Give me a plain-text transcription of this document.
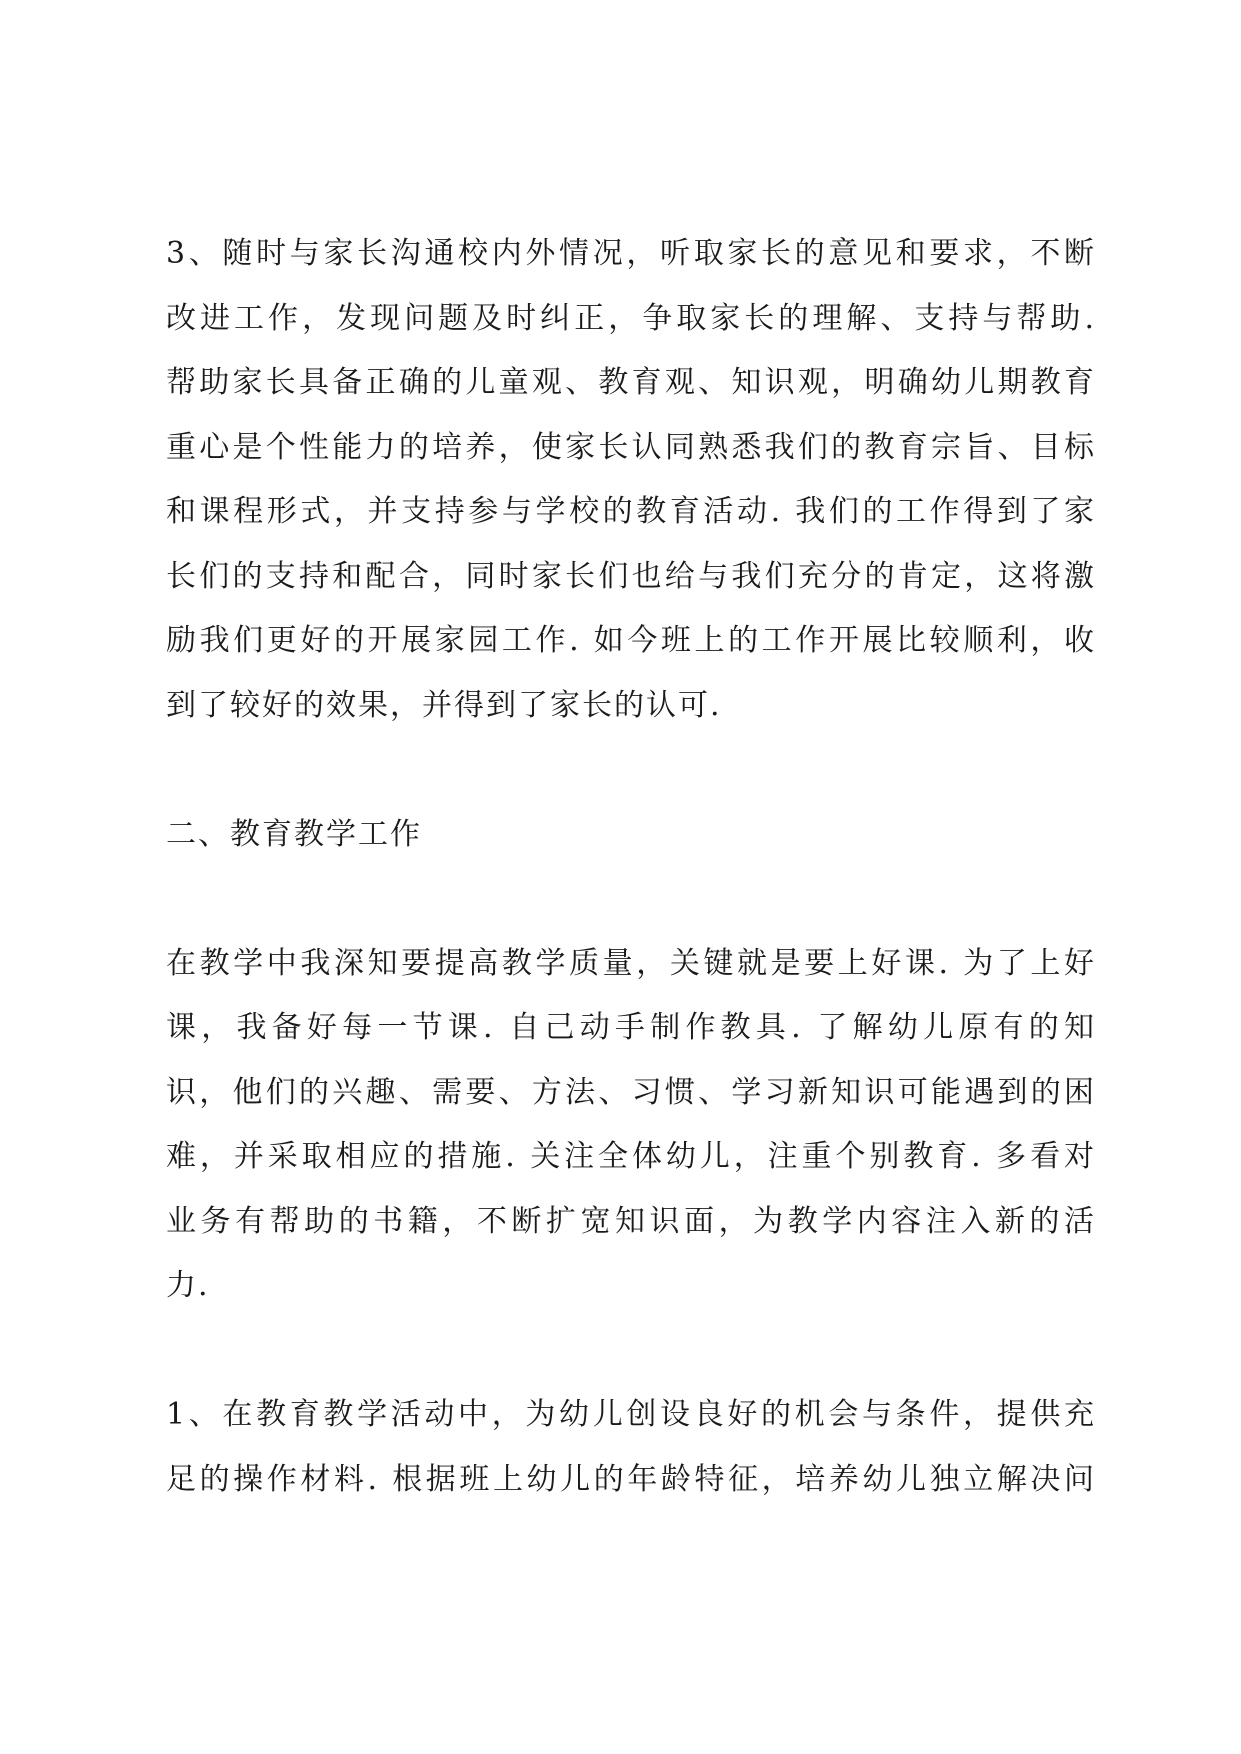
3、随时与家长沟通校内外情况，听取家长的意见和要求，不断
改进工作，发现问题及时纠正，争取家长的理解、支持与帮助.
帮助家长具备正确的儿童观、教育观、知识观，明确幼儿期教育
重心是个性能力的培养，使家长认同熟悉我们的教育宗旨、目标
和课程形式，并支持参与学校的教育活动. 我们的工作得到了家
长们的支持和配合，同时家长们也给与我们充分的肯定，这将激
励我们更好的开展家园工作. 如今班上的工作开展比较顺利，收
到了较好的效果，并得到了家长的认可.
二、教育教学工作
在教学中我深知要提高教学质量，关键就是要上好课. 为了上好
课，我备好每一节课. 自己动手制作教具. 了解幼儿原有的知
识，他们的兴趣、需要、方法、习惯、学习新知识可能遇到的困
难，并采取相应的措施. 关注全体幼儿，注重个别教育. 多看对
业务有帮助的书籍，不断扩宽知识面，为教学内容注入新的活
力.
1、在教育教学活动中，为幼儿创设良好的机会与条件，提供充
足的操作材料. 根据班上幼儿的年龄特征，培养幼儿独立解决问
